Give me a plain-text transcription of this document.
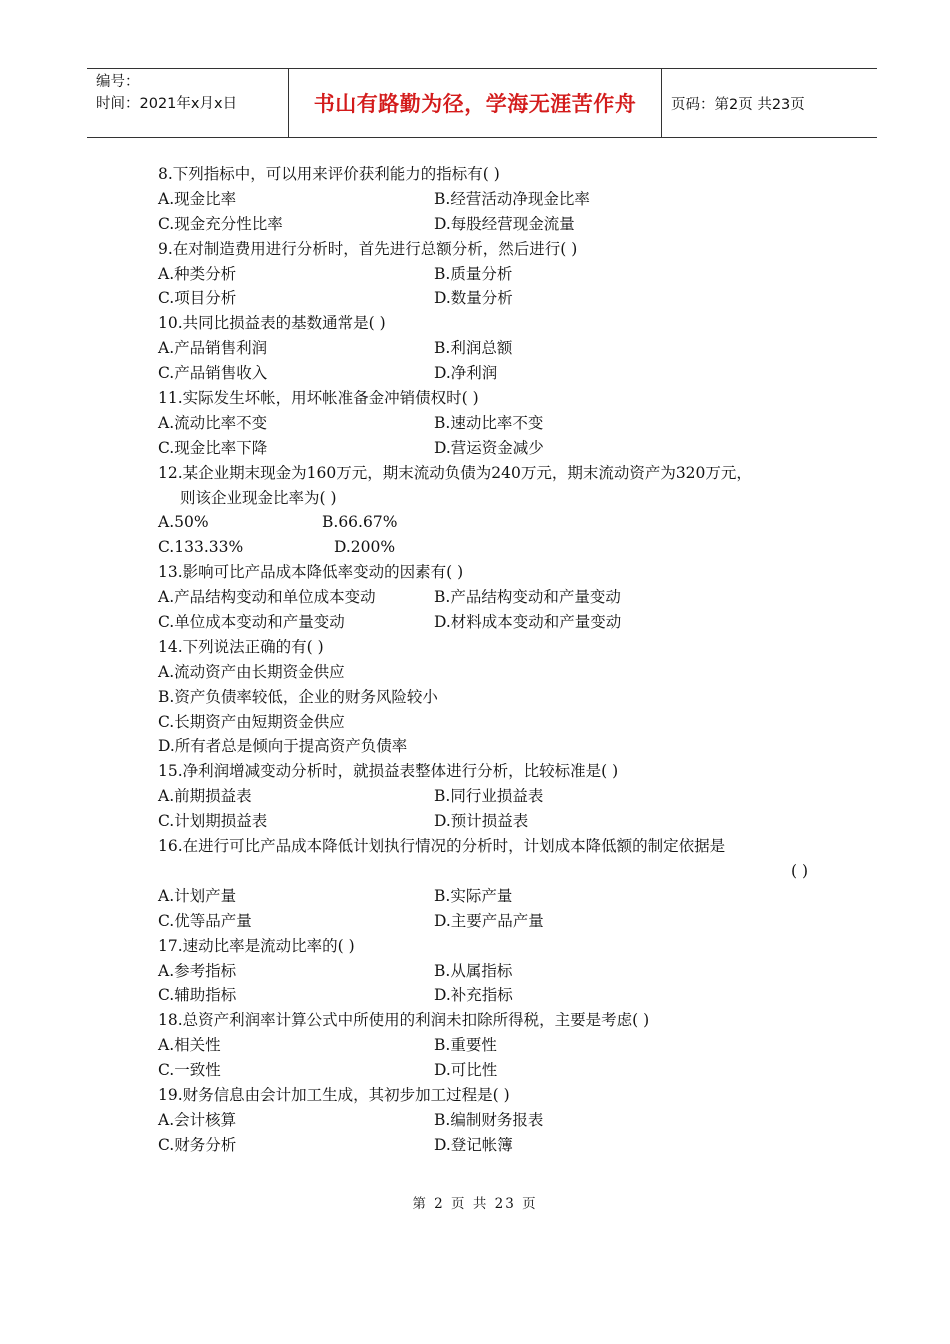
编号：
时间：2021年x月x日	书山有路勤为径，学海无涯苦作舟	页码：第2页 共23页
8.下列指标中，可以用来评价获利能力的指标有( )
A.现金比率	B.经营活动净现金比率
C.现金充分性比率	D.每股经营现金流量
9.在对制造费用进行分析时，首先进行总额分析，然后进行( )
A.种类分析	B.质量分析
C.项目分析	D.数量分析
10.共同比损益表的基数通常是( )
A.产品销售利润	B.利润总额
C.产品销售收入	D.净利润
11.实际发生坏帐，用坏帐准备金冲销债权时( )
A.流动比率不变	B.速动比率不变
C.现金比率下降	D.营运资金减少
12.某企业期末现金为160万元，期末流动负债为240万元，期末流动资产为320万元，
则该企业现金比率为( )
A.50%	B.66.67%
C.133.33%	D.200%
13.影响可比产品成本降低率变动的因素有( )
A.产品结构变动和单位成本变动	B.产品结构变动和产量变动
C.单位成本变动和产量变动	D.材料成本变动和产量变动
14.下列说法正确的有( )
A.流动资产由长期资金供应
B.资产负债率较低，企业的财务风险较小
C.长期资产由短期资金供应
D.所有者总是倾向于提高资产负债率
15.净利润增减变动分析时，就损益表整体进行分析，比较标准是( )
A.前期损益表	B.同行业损益表
C.计划期损益表	D.预计损益表
16.在进行可比产品成本降低计划执行情况的分析时，计划成本降低额的制定依据是
( )
A.计划产量	B.实际产量
C.优等品产量	D.主要产品产量
17.速动比率是流动比率的( )
A.参考指标	B.从属指标
C.辅助指标	D.补充指标
18.总资产利润率计算公式中所使用的利润未扣除所得税，主要是考虑( )
A.相关性	B.重要性
C.一致性	D.可比性
19.财务信息由会计加工生成，其初步加工过程是( )
A.会计核算	B.编制财务报表
C.财务分析	D.登记帐簿
第 2 页 共 23 页
